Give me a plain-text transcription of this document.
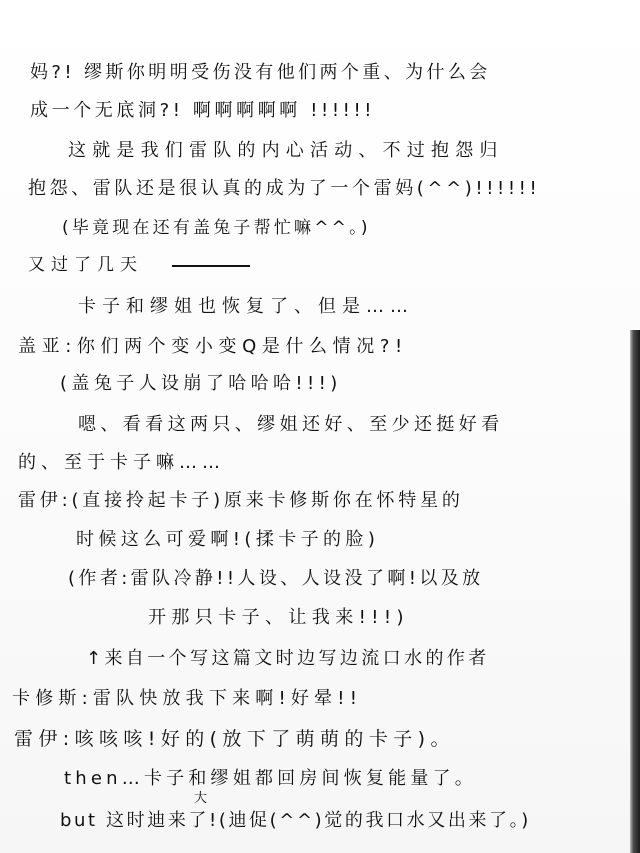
妈?! 缪斯你明明受伤没有他们两个重、为什么会
成一个无底洞?! 啊啊啊啊啊 !!!!!!
这就是我们雷队的内心活动、不过抱怨归
抱怨、雷队还是很认真的成为了一个雷妈(^^)!!!!!!
(毕竟现在还有盖兔子帮忙嘛^^。)
又过了几天
卡子和缪姐也恢复了、但是……
盖亚:你们两个变小变Q是什么情况?!
(盖兔子人设崩了哈哈哈!!!)
嗯、看看这两只、缪姐还好、至少还挺好看
的、至于卡子嘛……
雷伊:(直接拎起卡子)原来卡修斯你在怀特星的
时候这么可爱啊!(揉卡子的脸)
(作者:雷队冷静!!人设、人设没了啊!以及放
开那只卡子、让我来!!!)
↑来自一个写这篇文时边写边流口水的作者
卡修斯:雷队快放我下来啊!好晕!!
雷伊:咳咳咳!好的(放下了萌萌的卡子)。
then…卡子和缪姐都回房间恢复能量了。
大
but 这时迪来了!(迪促(^^)觉的我口水又出来了。)
